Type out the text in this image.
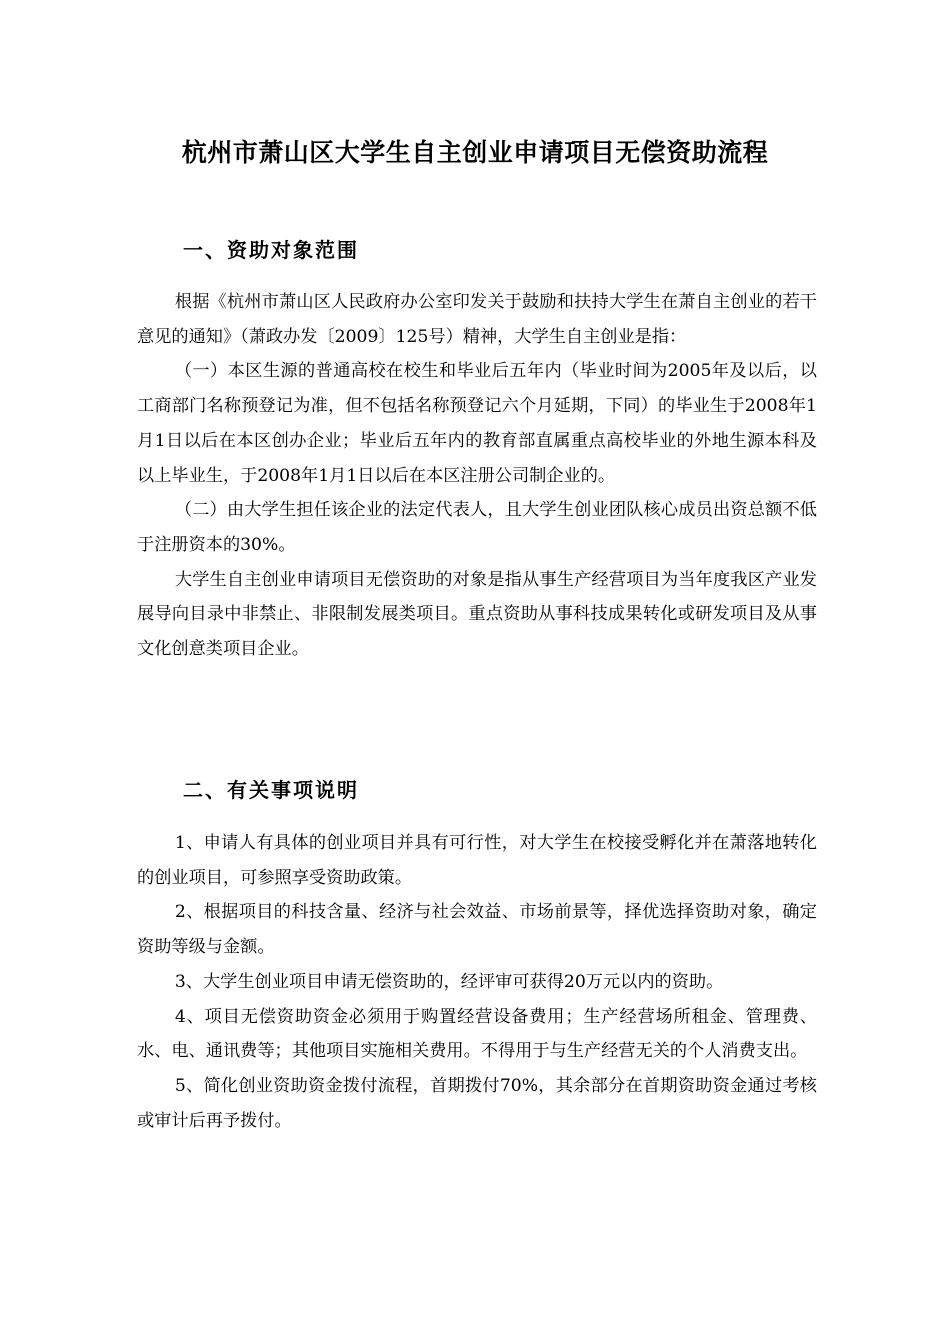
杭州市萧山区大学生自主创业申请项目无偿资助流程
一、资助对象范围

根据《杭州市萧山区人民政府办公室印发关于鼓励和扶持大学生在萧自主创业的若干意见的通知》（萧政办发〔2009〕125号）精神，大学生自主创业是指：

（一）本区生源的普通高校在校生和毕业后五年内（毕业时间为2005年及以后，以工商部门名称预登记为准，但不包括名称预登记六个月延期，下同）的毕业生于2008年1月1日以后在本区创办企业；毕业后五年内的教育部直属重点高校毕业的外地生源本科及以上毕业生，于2008年1月1日以后在本区注册公司制企业的。

（二）由大学生担任该企业的法定代表人，且大学生创业团队核心成员出资总额不低于注册资本的30%。

大学生自主创业申请项目无偿资助的对象是指从事生产经营项目为当年度我区产业发展导向目录中非禁止、非限制发展类项目。重点资助从事科技成果转化或研发项目及从事文化创意类项目企业。

二、有关事项说明

1、申请人有具体的创业项目并具有可行性，对大学生在校接受孵化并在萧落地转化的创业项目，可参照享受资助政策。

2、根据项目的科技含量、经济与社会效益、市场前景等，择优选择资助对象，确定资助等级与金额。

3、大学生创业项目申请无偿资助的，经评审可获得20万元以内的资助。

4、项目无偿资助资金必须用于购置经营设备费用；生产经营场所租金、管理费、水、电、通讯费等；其他项目实施相关费用。不得用于与生产经营无关的个人消费支出。

5、简化创业资助资金拨付流程，首期拨付70%，其余部分在首期资助资金通过考核或审计后再予拨付。
